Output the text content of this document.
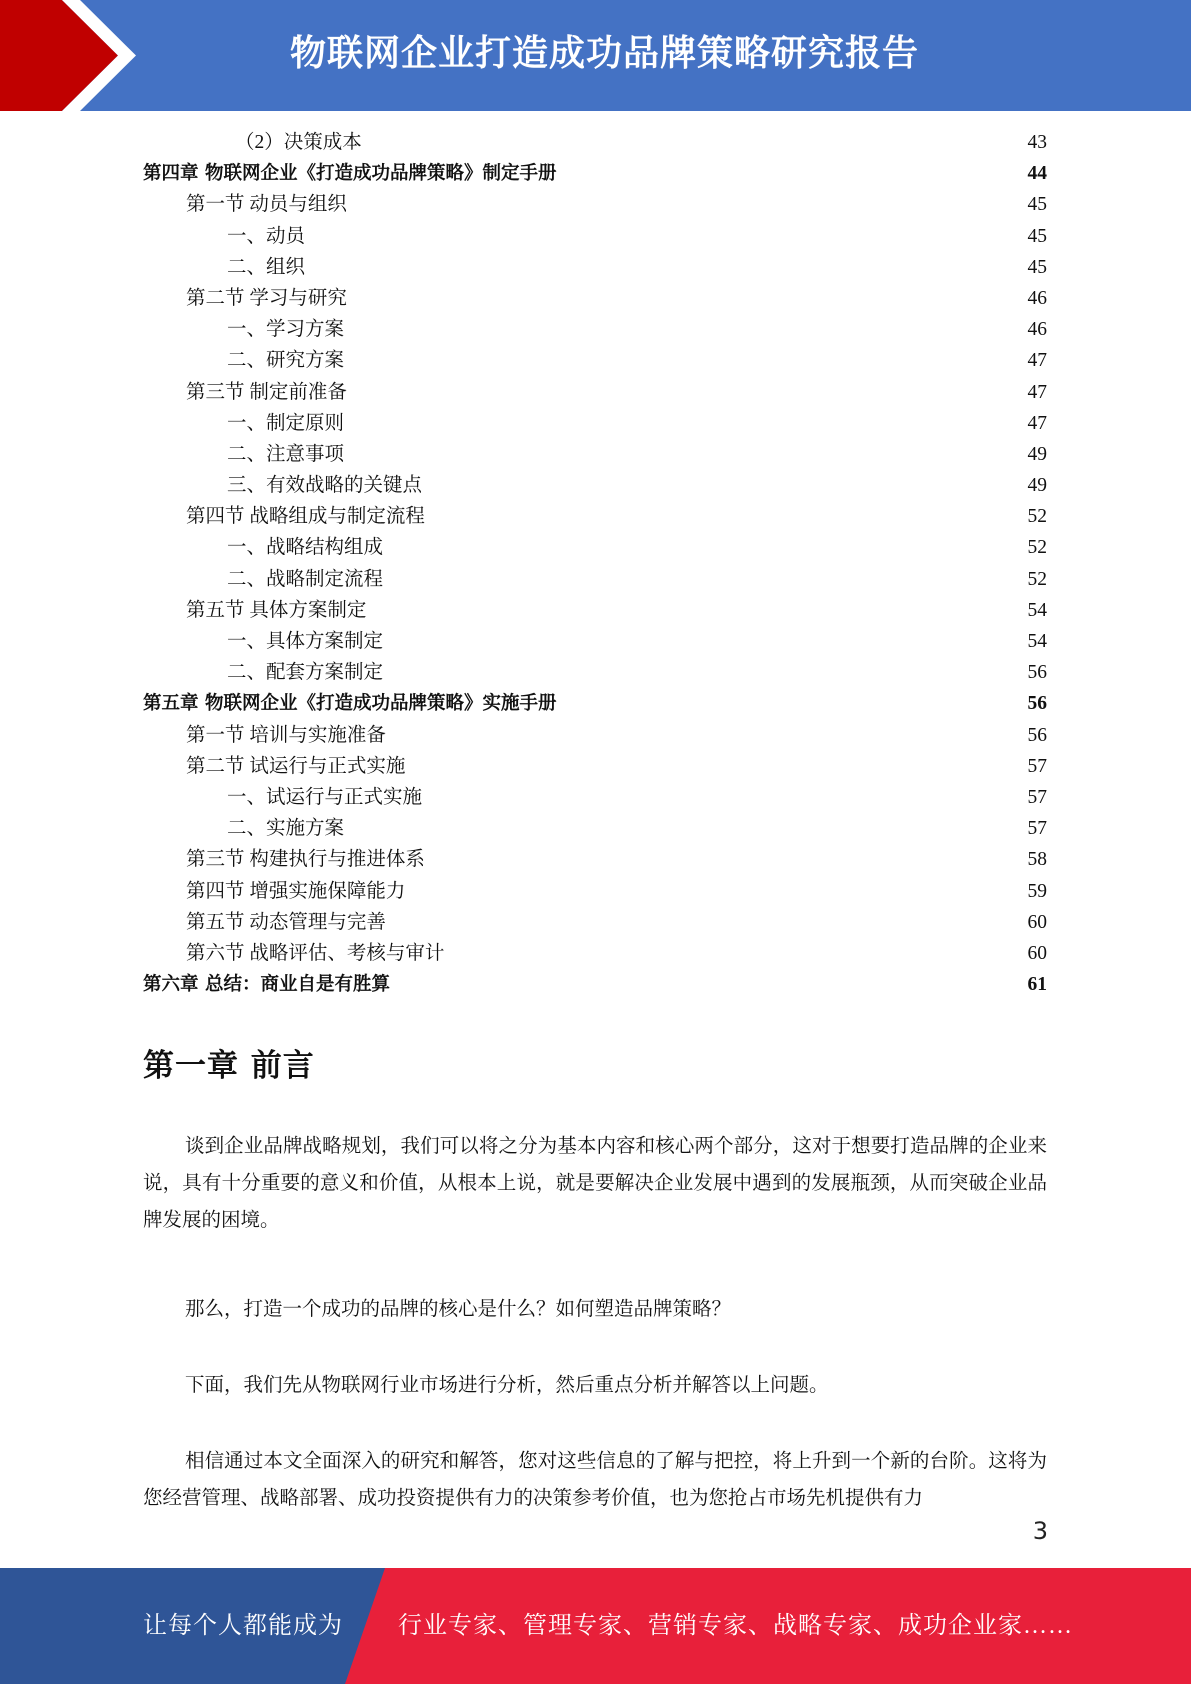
物联网企业打造成功品牌策略研究报告
（2）决策成本	43
第四章 物联网企业《打造成功品牌策略》制定手册	44
第一节 动员与组织	45
一、动员	45
二、组织	45
第二节 学习与研究	46
一、学习方案	46
二、研究方案	47
第三节 制定前准备	47
一、制定原则	47
二、注意事项	49
三、有效战略的关键点	49
第四节 战略组成与制定流程	52
一、战略结构组成	52
二、战略制定流程	52
第五节 具体方案制定	54
一、具体方案制定	54
二、配套方案制定	56
第五章 物联网企业《打造成功品牌策略》实施手册	56
第一节 培训与实施准备	56
第二节 试运行与正式实施	57
一、试运行与正式实施	57
二、实施方案	57
第三节 构建执行与推进体系	58
第四节 增强实施保障能力	59
第五节 动态管理与完善	60
第六节 战略评估、考核与审计	60
第六章 总结：商业自是有胜算	61
第一章 前言

谈到企业品牌战略规划，我们可以将之分为基本内容和核心两个部分，这对于想要打造品牌的企业来说，具有十分重要的意义和价值，从根本上说，就是要解决企业发展中遇到的发展瓶颈，从而突破企业品牌发展的困境。

那么，打造一个成功的品牌的核心是什么？如何塑造品牌策略？

下面，我们先从物联网行业市场进行分析，然后重点分析并解答以上问题。

相信通过本文全面深入的研究和解答，您对这些信息的了解与把控，将上升到一个新的台阶。这将为您经营管理、战略部署、成功投资提供有力的决策参考价值，也为您抢占市场先机提供有力

3
让每个人都能成为 行业专家、管理专家、营销专家、战略专家、成功企业家……
